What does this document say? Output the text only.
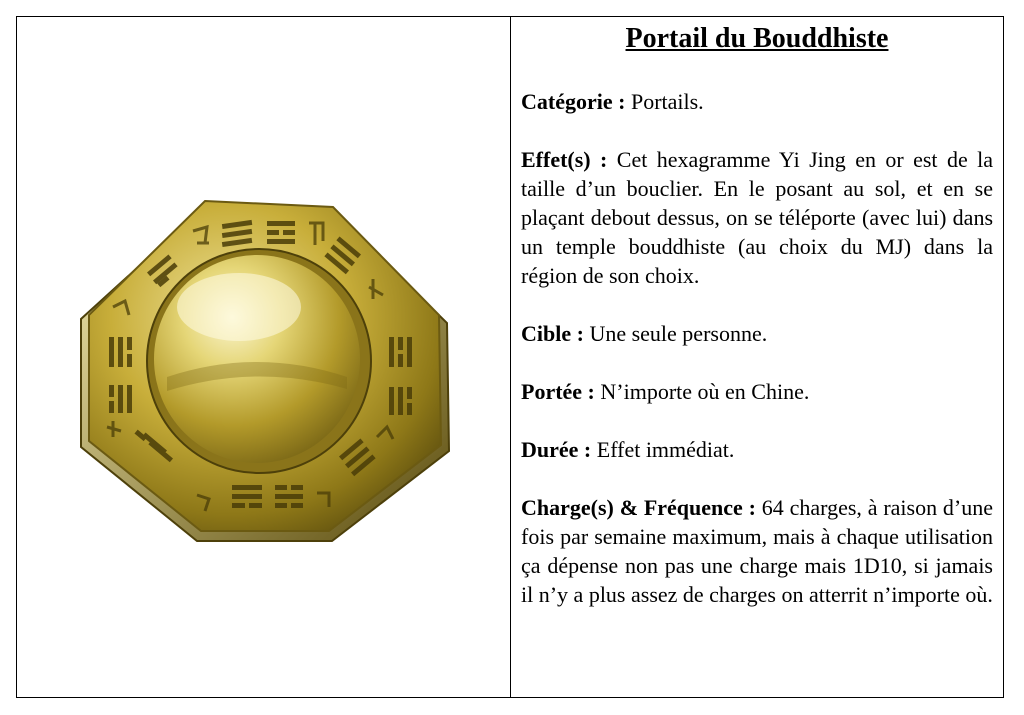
Portail du Bouddhiste
Catégorie : Portails.
Effet(s) : Cet hexagramme Yi Jing en or est de la taille d’un bouclier. En le posant au sol, et en se plaçant debout dessus, on se téléporte (avec lui) dans un temple bouddhiste (au choix du MJ) dans la région de son choix.
Cible : Une seule personne.
Portée : N’importe où en Chine.
Durée : Effet immédiat.
Charge(s) & Fréquence : 64 charges, à raison d’une fois par semaine maximum, mais à chaque utilisation ça dépense non pas une charge mais 1D10, si jamais il n’y a plus assez de charges on atterrit n’importe où.
